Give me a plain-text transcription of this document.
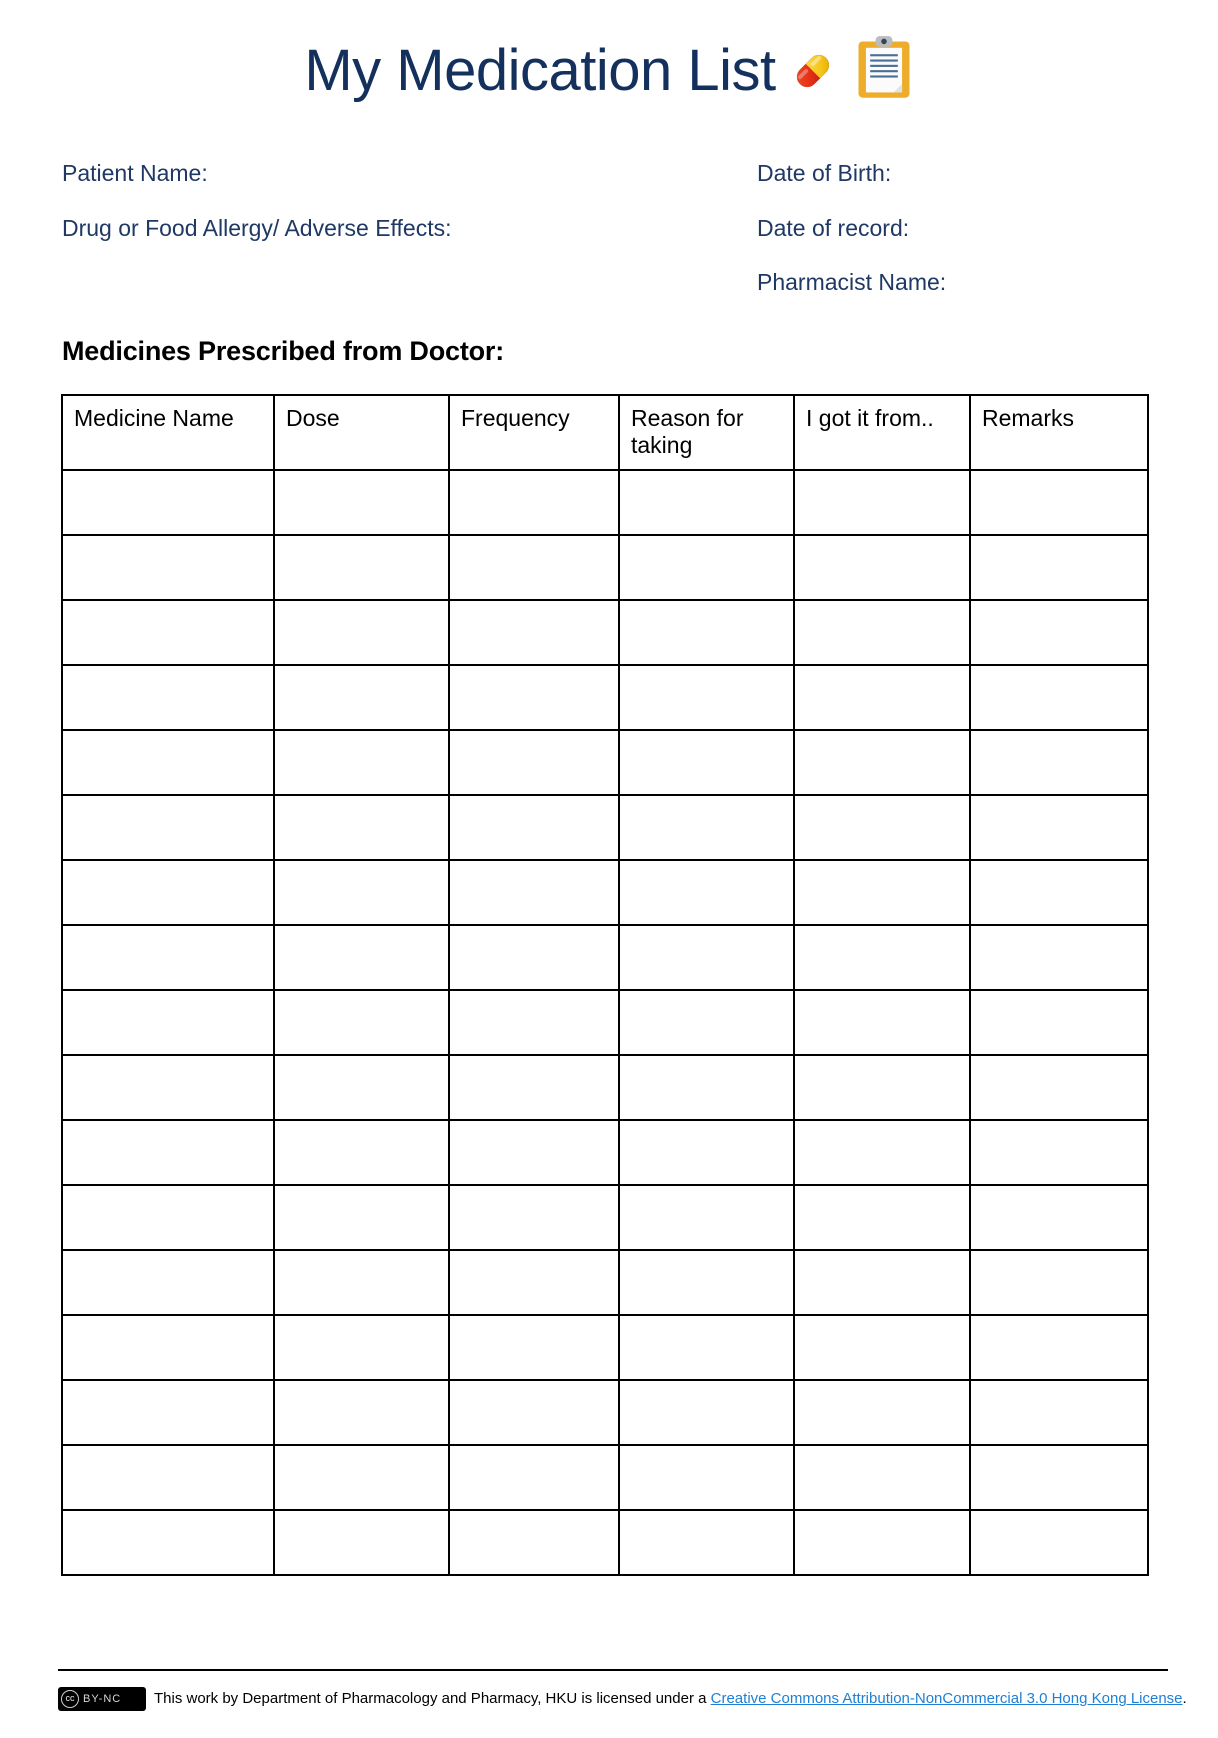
My Medication List
Patient Name:
Drug or Food Allergy/ Adverse Effects:
Date of Birth:
Date of record:
Pharmacist Name:
Medicines Prescribed from Doctor:
Medicine Name	Dose	Frequency	Reason for taking	I got it from..	Remarks

cc BY-NC This work by Department of Pharmacology and Pharmacy, HKU is licensed under a Creative Commons Attribution-NonCommercial 3.0 Hong Kong License.
